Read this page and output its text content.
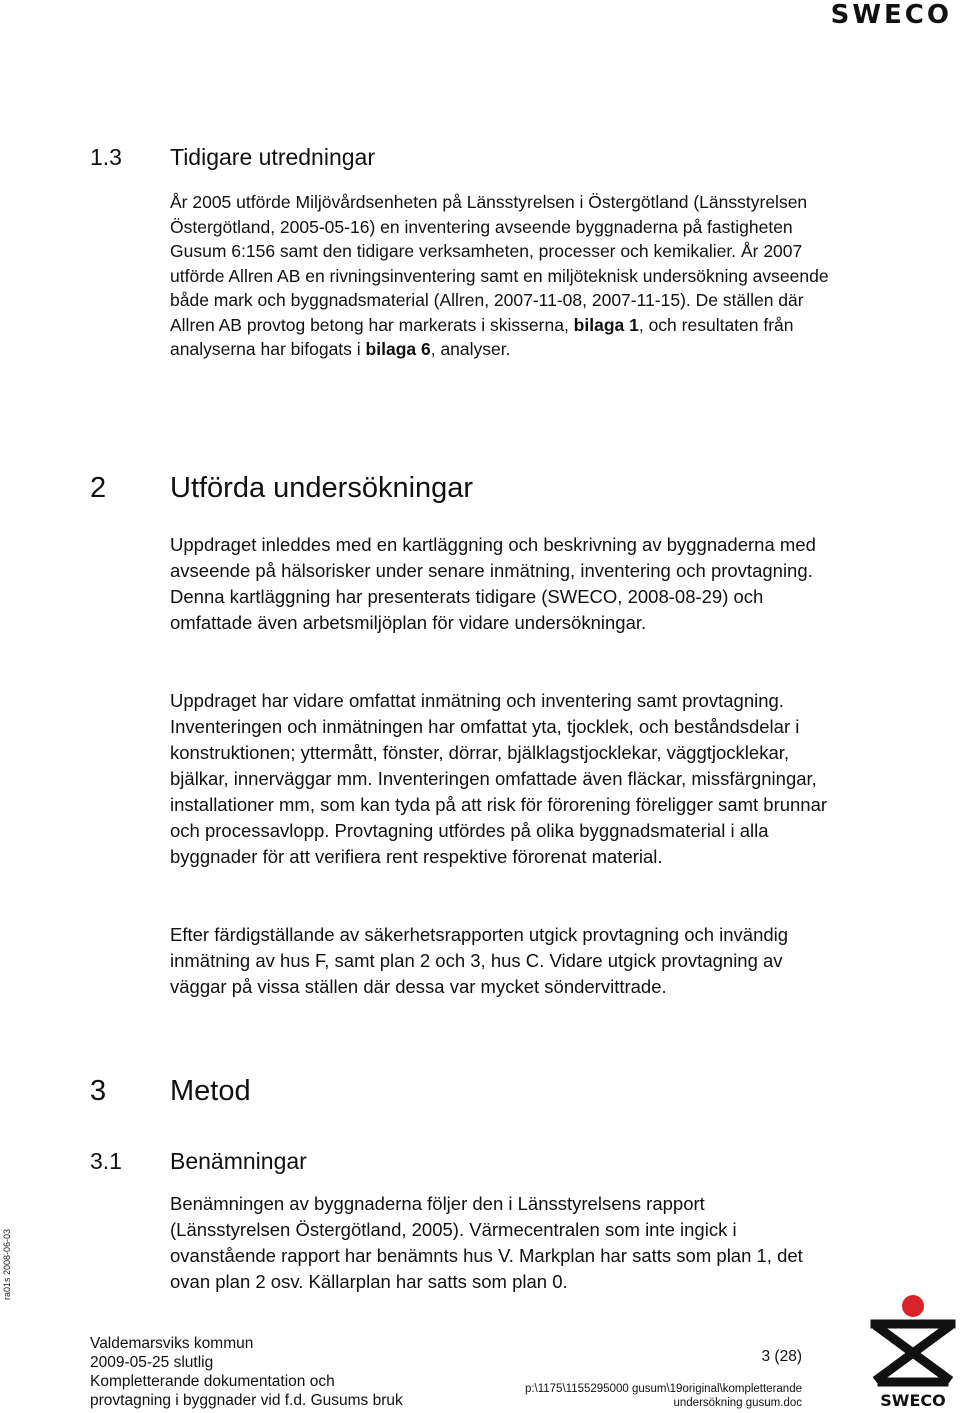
SWECO
1.3 Tidigare utredningar

År 2005 utförde Miljövårdsenheten på Länsstyrelsen i Östergötland (Länsstyrelsen Östergötland, 2005-05-16) en inventering avseende byggnaderna på fastigheten Gusum 6:156 samt den tidigare verksamheten, processer och kemikalier. År 2007 utförde Allren AB en rivningsinventering samt en miljöteknisk undersökning avseende både mark och byggnadsmaterial (Allren, 2007-11-08, 2007-11-15). De ställen där Allren AB provtog betong har markerats i skisserna, bilaga 1, och resultaten från analyserna har bifogats i bilaga 6, analyser.

2 Utförda undersökningar

Uppdraget inleddes med en kartläggning och beskrivning av byggnaderna med avseende på hälsorisker under senare inmätning, inventering och provtagning. Denna kartläggning har presenterats tidigare (SWECO, 2008-08-29) och omfattade även arbetsmiljöplan för vidare undersökningar.

Uppdraget har vidare omfattat inmätning och inventering samt provtagning. Inventeringen och inmätningen har omfattat yta, tjocklek, och beståndsdelar i konstruktionen; yttermått, fönster, dörrar, bjälklagstjocklekar, väggtjocklekar, bjälkar, innerväggar mm. Inventeringen omfattade även fläckar, missfärgningar, installationer mm, som kan tyda på att risk för förorening föreligger samt brunnar och processavlopp. Provtagning utfördes på olika byggnadsmaterial i alla byggnader för att verifiera rent respektive förorenat material.

Efter färdigställande av säkerhetsrapporten utgick provtagning och invändig inmätning av hus F, samt plan 2 och 3, hus C. Vidare utgick provtagning av väggar på vissa ställen där dessa var mycket söndervittrade.

3 Metod
3.1 Benämningar

Benämningen av byggnaderna följer den i Länsstyrelsens rapport (Länsstyrelsen Östergötland, 2005). Värmecentralen som inte ingick i ovanstående rapport har benämnts hus V. Markplan har satts som plan 1, det ovan plan 2 osv. Källarplan har satts som plan 0.

ra01s 2008-06-03
Valdemarsviks kommun
2009-05-25 slutlig
Kompletterande dokumentation och
provtagning i byggnader vid f.d. Gusums bruk
3 (28)
p:\1175\1155295000 gusum\19original\kompletterande
undersökning gusum.doc	SWECO
